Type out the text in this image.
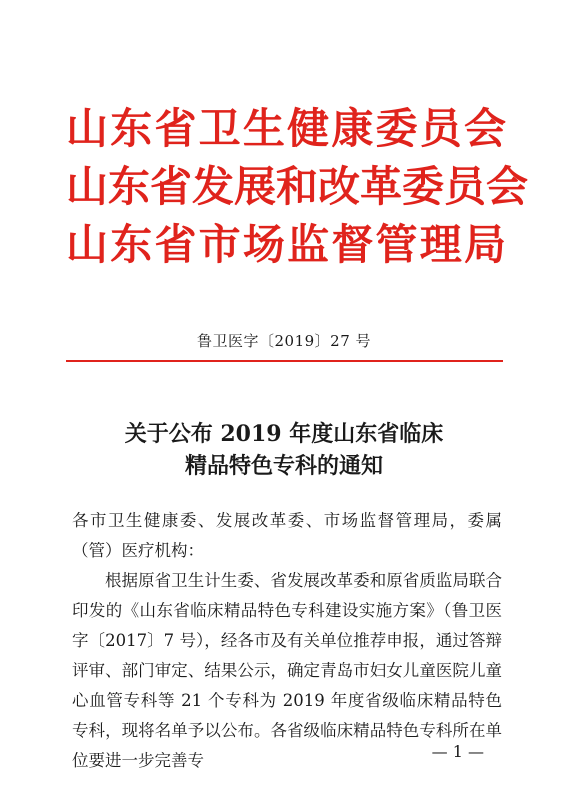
山东省卫生健康委员会
山东省发展和改革委员会
山东省市场监督管理局
鲁卫医字〔2019〕27 号
关于公布 2019 年度山东省临床
精品特色专科的通知

各市卫生健康委、发展改革委、市场监督管理局，委属（管）医疗机构：

根据原省卫生计生委、省发展改革委和原省质监局联合印发的《山东省临床精品特色专科建设实施方案》（鲁卫医字〔2017〕7 号），经各市及有关单位推荐申报，通过答辩评审、部门审定、结果公示，确定青岛市妇女儿童医院儿童心血管专科等 21 个专科为 2019 年度省级临床精品特色专科，现将名单予以公布。各省级临床精品特色专科所在单位要进一步完善专	— 1 —
